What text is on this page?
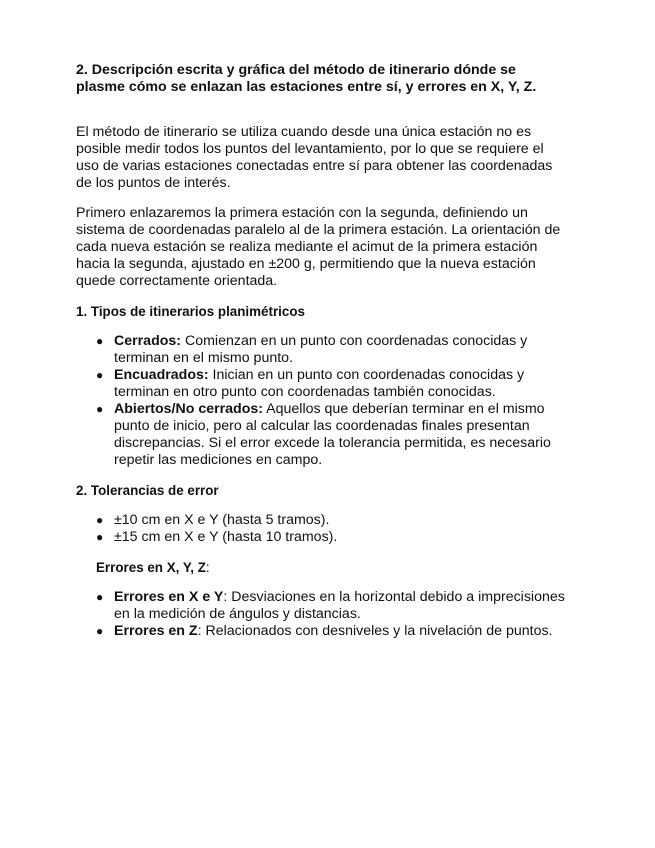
2. Descripción escrita y gráfica del método de itinerario dónde se plasme cómo se enlazan las estaciones entre sí, y errores en X, Y, Z.

El método de itinerario se utiliza cuando desde una única estación no es posible medir todos los puntos del levantamiento, por lo que se requiere el uso de varias estaciones conectadas entre sí para obtener las coordenadas de los puntos de interés.

Primero enlazaremos la primera estación con la segunda, definiendo un sistema de coordenadas paralelo al de la primera estación. La orientación de cada nueva estación se realiza mediante el acimut de la primera estación hacia la segunda, ajustado en ±200 g, permitiendo que la nueva estación quede correctamente orientada.

1. Tipos de itinerarios planimétricos
● Cerrados: Comienzan en un punto con coordenadas conocidas y terminan en el mismo punto.
● Encuadrados: Inician en un punto con coordenadas conocidas y terminan en otro punto con coordenadas también conocidas.
● Abiertos/No cerrados: Aquellos que deberían terminar en el mismo punto de inicio, pero al calcular las coordenadas finales presentan discrepancias. Si el error excede la tolerancia permitida, es necesario repetir las mediciones en campo.
2. Tolerancias de error
● ±10 cm en X e Y (hasta 5 tramos).
● ±15 cm en X e Y (hasta 10 tramos).
Errores en X, Y, Z:
● Errores en X e Y: Desviaciones en la horizontal debido a imprecisiones en la medición de ángulos y distancias.
● Errores en Z: Relacionados con desniveles y la nivelación de puntos.
